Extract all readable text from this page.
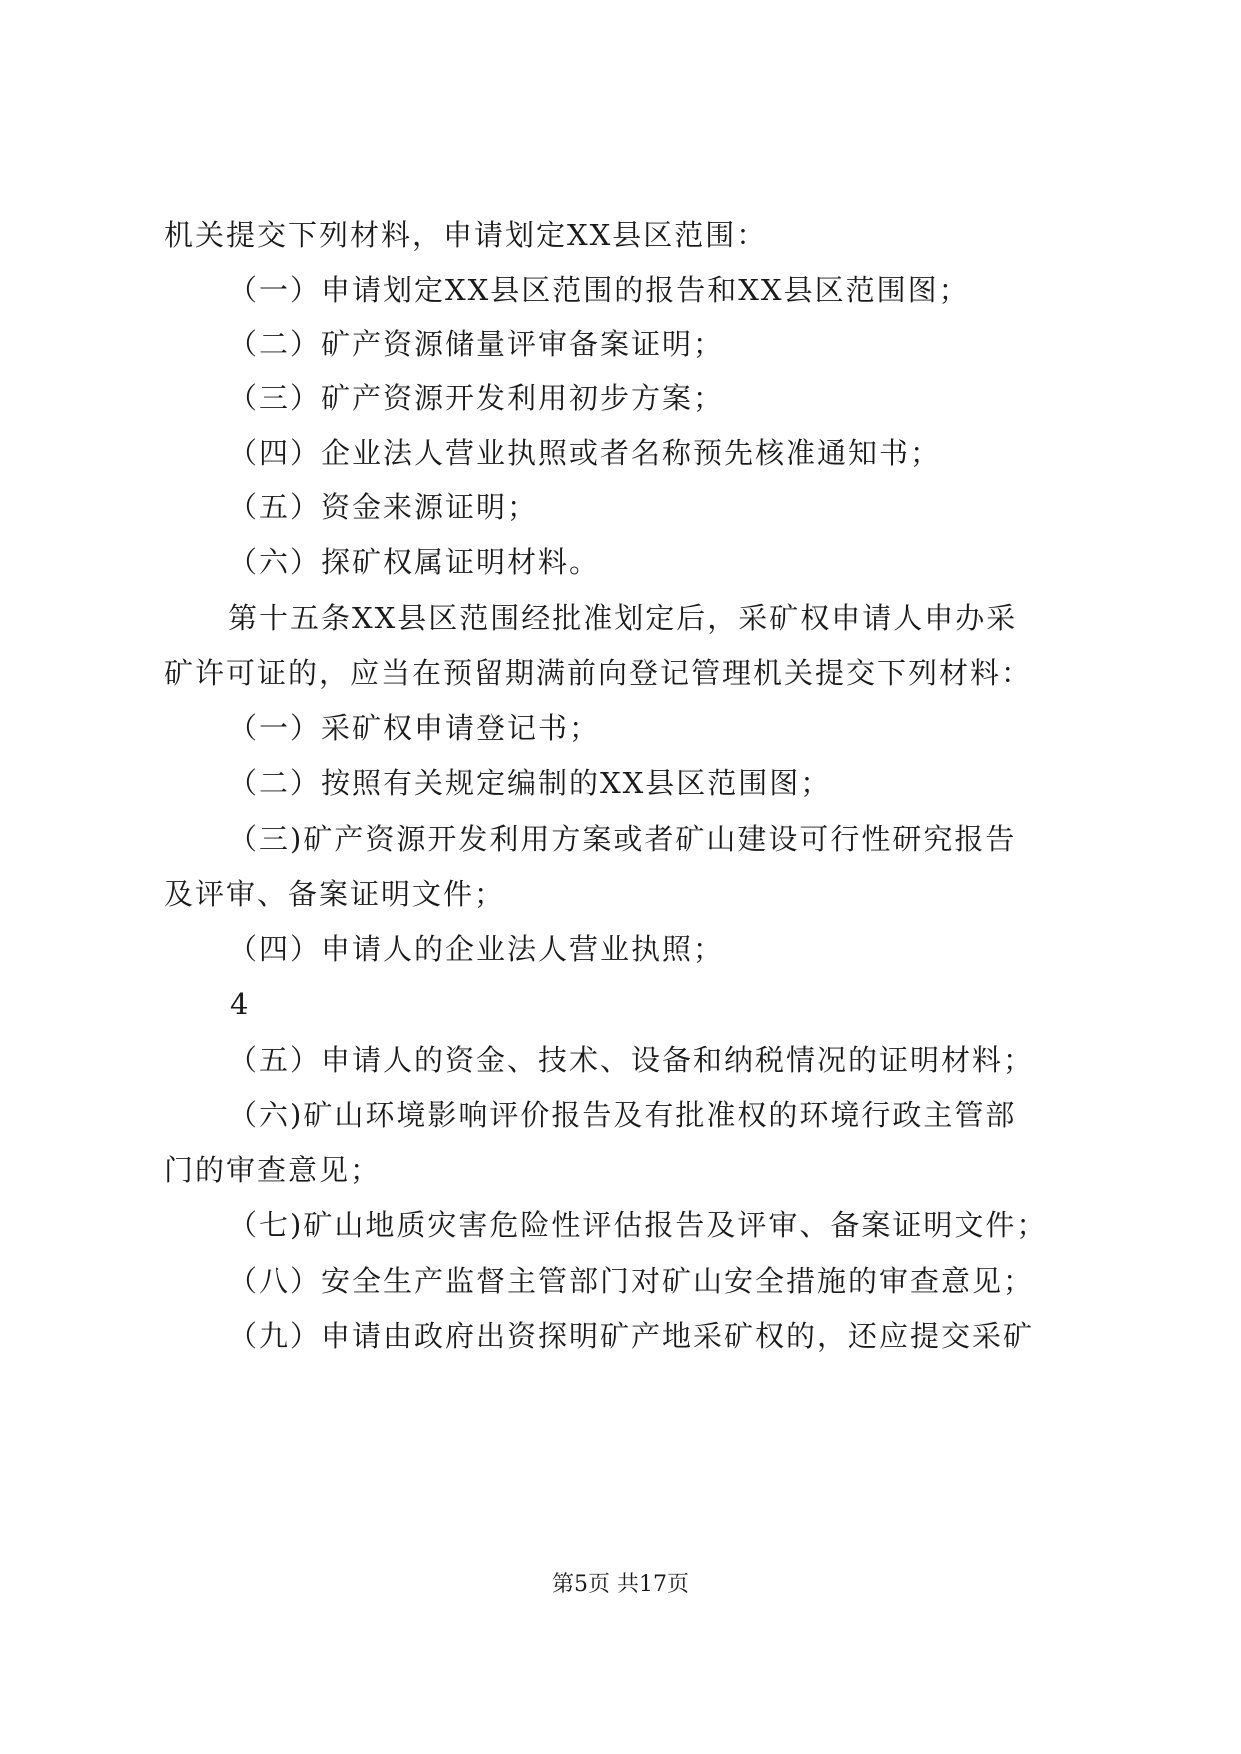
机关提交下列材料，申请划定XX县区范围：
（一）申请划定XX县区范围的报告和XX县区范围图；
（二）矿产资源储量评审备案证明；
（三）矿产资源开发利用初步方案；
（四）企业法人营业执照或者名称预先核准通知书；
（五）资金来源证明；
（六）探矿权属证明材料。
第十五条XX县区范围经批准划定后，采矿权申请人申办采
矿许可证的，应当在预留期满前向登记管理机关提交下列材料：
（一）采矿权申请登记书；
（二）按照有关规定编制的XX县区范围图；
（三)矿产资源开发利用方案或者矿山建设可行性研究报告
及评审、备案证明文件；
（四）申请人的企业法人营业执照；
4
（五）申请人的资金、技术、设备和纳税情况的证明材料；
（六)矿山环境影响评价报告及有批准权的环境行政主管部
门的审查意见；
（七)矿山地质灾害危险性评估报告及评审、备案证明文件；
（八）安全生产监督主管部门对矿山安全措施的审查意见；
（九）申请由政府出资探明矿产地采矿权的，还应提交采矿
第5页 共17页
